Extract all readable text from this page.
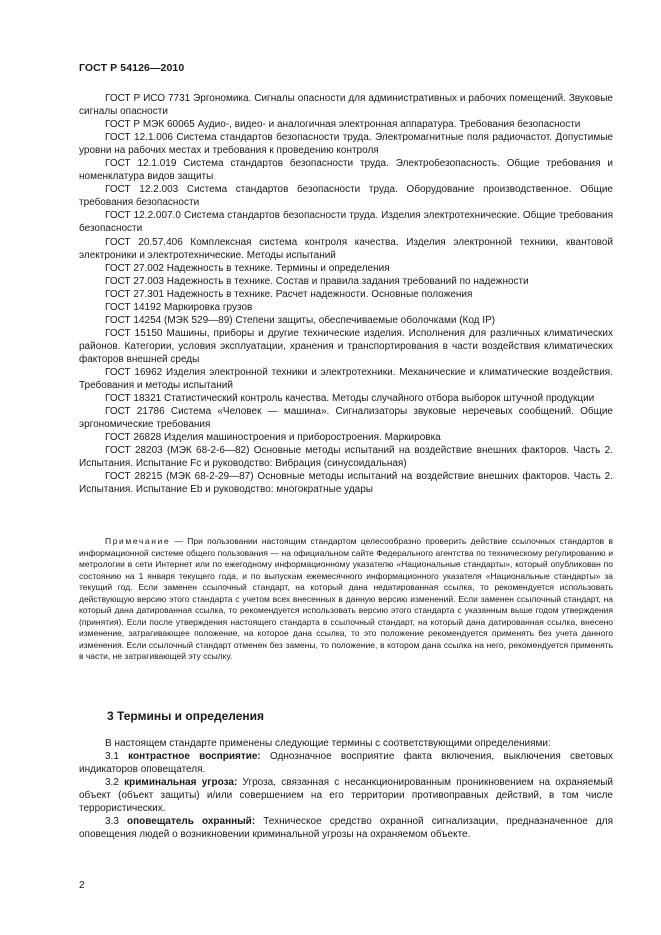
ГОСТ Р 54126—2010

ГОСТ Р ИСО 7731 Эргономика. Сигналы опасности для административных и рабочих помещений. Звуковые сигналы опасности

ГОСТ Р МЭК 60065 Аудио-, видео- и аналогичная электронная аппаратура. Требования безопасности

ГОСТ 12.1.006 Система стандартов безопасности труда. Электромагнитные поля радиочастот. Допустимые уровни на рабочих местах и требования к проведению контроля

ГОСТ 12.1.019 Система стандартов безопасности труда. Электробезопасность. Общие требования и номенклатура видов защиты

ГОСТ 12.2.003 Система стандартов безопасности труда. Оборудование производственное. Общие требования безопасности

ГОСТ 12.2.007.0 Система стандартов безопасности труда. Изделия электротехнические. Общие требования безопасности

ГОСТ 20.57.406 Комплексная система контроля качества. Изделия электронной техники, квантовой электроники и электротехнические. Методы испытаний

ГОСТ 27.002 Надежность в технике. Термины и определения

ГОСТ 27.003 Надежность в технике. Состав и правила задания требований по надежности

ГОСТ 27.301 Надежность в технике. Расчет надежности. Основные положения

ГОСТ 14192 Маркировка грузов

ГОСТ 14254 (МЭК 529—89) Степени защиты, обеспечиваемые оболочками (Код IP)

ГОСТ 15150 Машины, приборы и другие технические изделия. Исполнения для различных климатических районов. Категории, условия эксплуатации, хранения и транспортирования в части воздействия климатических факторов внешней среды

ГОСТ 16962 Изделия электронной техники и электротехники. Механические и климатические воздействия. Требования и методы испытаний

ГОСТ 18321 Статистический контроль качества. Методы случайного отбора выборок штучной продукции

ГОСТ 21786 Система «Человек — машина». Сигнализаторы звуковые неречевых сообщений. Общие эргономические требования

ГОСТ 26828 Изделия машиностроения и приборостроения. Маркировка

ГОСТ 28203 (МЭК 68-2-6—82) Основные методы испытаний на воздействие внешних факторов. Часть 2. Испытания. Испытание Fc и руководство: Вибрация (синусоидальная)

ГОСТ 28215 (МЭК 68-2-29—87) Основные методы испытаний на воздействие внешних факторов. Часть 2. Испытания. Испытание Eb и руководство: многократные удары

Примечание — При пользовании настоящим стандартом целесообразно проверить действие ссылочных стандартов в информационной системе общего пользования — на официальном сайте Федерального агентства по техническому регулированию и метрологии в сети Интернет или по ежегодному информационному указателю «Национальные стандарты», который опубликован по состоянию на 1 января текущего года, и по выпускам ежемесячного информационного указателя «Национальные стандарты» за текущий год. Если заменен ссылочный стандарт, на который дана недатированная ссылка, то рекомендуется использовать действующую версию этого стандарта с учетом всех внесенных в данную версию изменений. Если заменен ссылочный стандарт, на который дана датированная ссылка, то рекомендуется использовать версию этого стандарта с указанным выше годом утверждения (принятия). Если после утверждения настоящего стандарта в ссылочный стандарт, на который дана датированная ссылка, внесено изменение, затрагивающее положение, на которое дана ссылка, то это положение рекомендуется применять без учета данного изменения. Если ссылочный стандарт отменен без замены, то положение, в котором дана ссылка на него, рекомендуется применять в части, не затрагивающей эту ссылку.

3 Термины и определения

В настоящем стандарте применены следующие термины с соответствующими определениями:

3.1 контрастное восприятие: Однозначное восприятие факта включения, выключения световых индикаторов оповещателя.

3.2 криминальная угроза: Угроза, связанная с несанкционированным проникновением на охраняемый объект (объект защиты) и/или совершением на его территории противоправных действий, в том числе террористических.

3.3 оповещатель охранный: Техническое средство охранной сигнализации, предназначенное для оповещения людей о возникновении криминальной угрозы на охраняемом объекте.

2
